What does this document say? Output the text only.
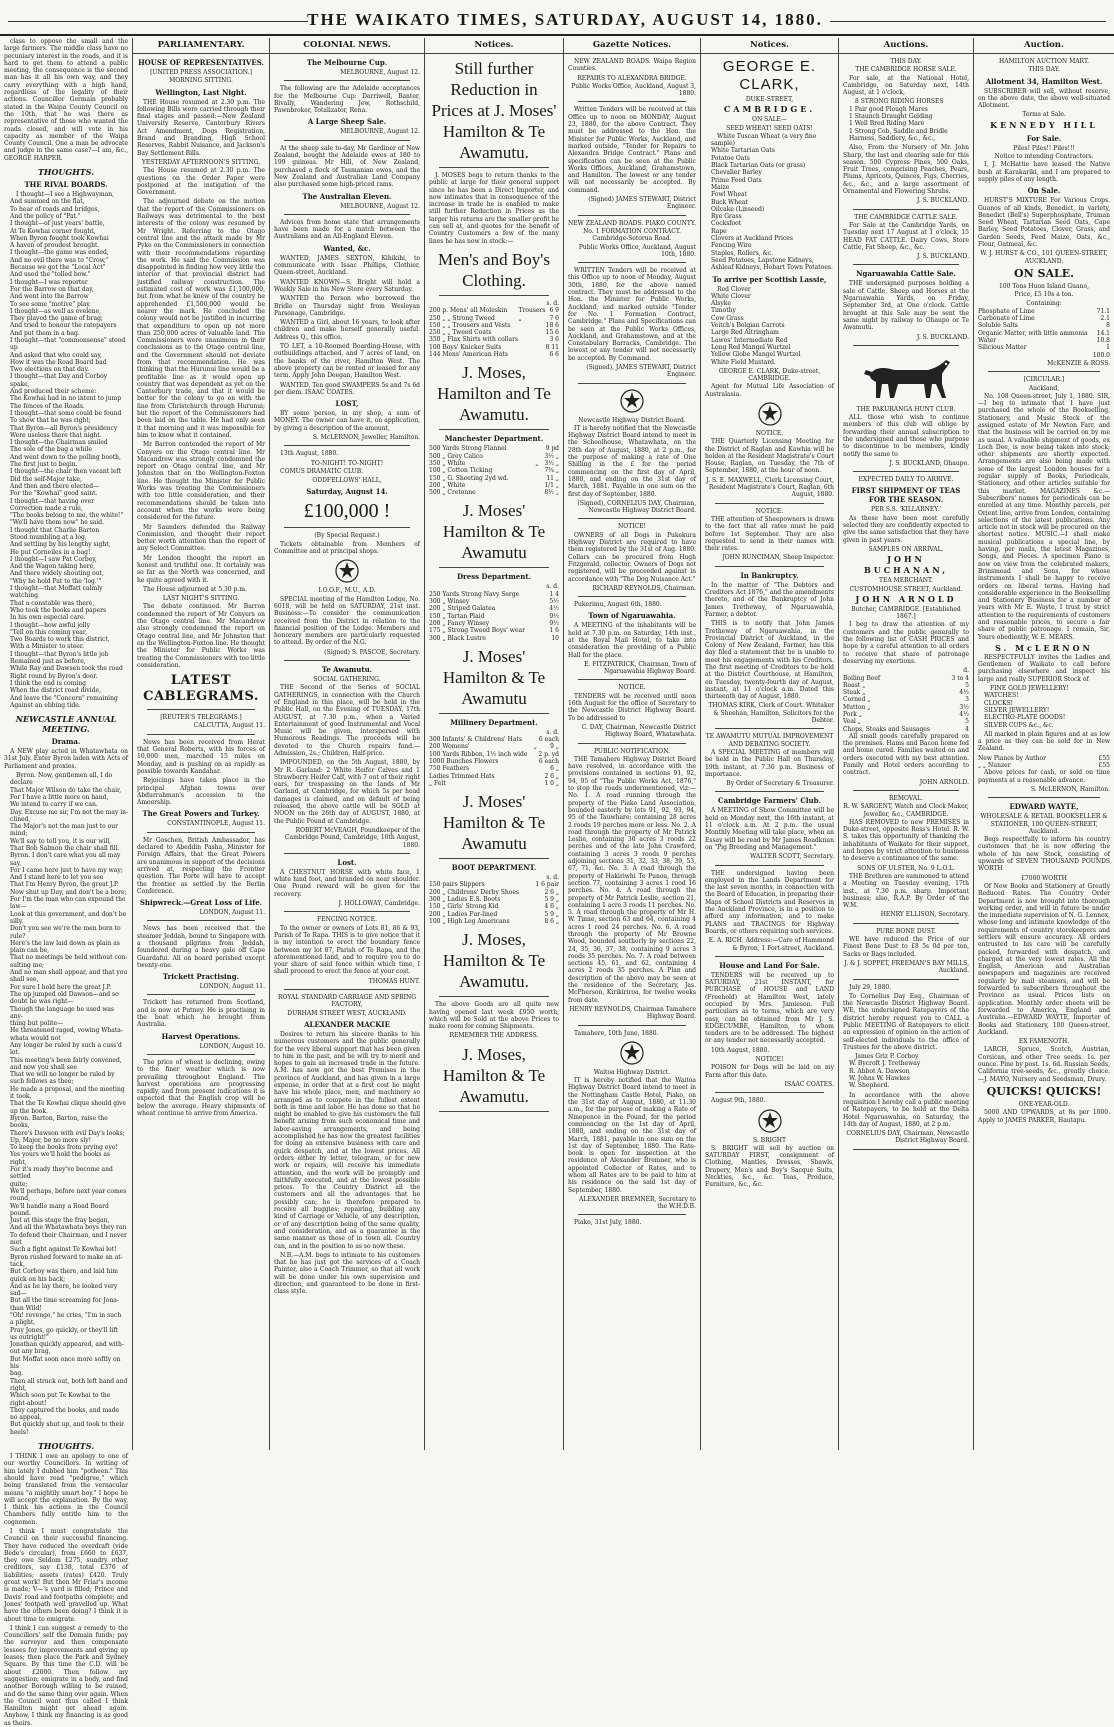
THE WAIKATO TIMES, SATURDAY, AUGUST 14, 1880.
class to oppose the small and the large farmers. The middle class have no pecuniary interest in the roads, and it is hard to get them to attend a public meeting, the consequence is the second man has it all his own way, and they carry everything with a high hand, regardless of the legality of their actions. Councillor Germain probably stated in the Waipa County Council on the 10th, that he was there as representative of those who wanted the roads closed, and will vote in his capacity as member of the Waipa County Council. One a man be advocate and judge in the same case?—I am, &c., GEORGE HARPER.
THOUGHTS.
THE RIVAL BOARDS.
I thought—I see a Highwayman,
And summed on the flat,
To hear of roads and bridges,
And the policy of "Pat."
I thought—of just years' battle,
At Te Kowhai corner fought,
When Byron fought took Kowhai
A haven of proudest brought.
I thought—the game was ended,
And no evil there was to "Crow,"
Because we got the "Local Act"
And used the "tolled bow."
I thought—I was reporter
For the Barrow on that day,
And went into the Barrow
To see some "motive" play.
I thought—as well as evelene,
They played the game of brag;
And tried to honour the ratepayers
And put them in a bag.
I thought—that "commonsense" stood up
And asked that who could say,
How it was the Road Board bad
Two elections on that day.
I thought—that Day and Corboy spake,
And produced their scheme:
The Kowhai had in no intent to jump
The fences of the Roads.
I thought—that some could be found
To show that he was right;
That Byron—all Byron's presidency
Were useless there that night.
I thought—the Chairman smiled
The sole of the bag a while
And went down to the polling booth,
The first just to begin.
I thought—the chair then vacant left
Did the self-Major take,
And then and there elected—
For the "Kowhai" good saint.
I thought—that having over
Correction made a rule,
"The books belong to me, the white!"
"We'll have them now" he said.
I thought that Charlie Barton
Stood mumbling at a log,
And settling by his lengthy sight,
He put Corneiles in a bag!
I thought—I saw Pat Corbey,
And the Wagon taking here,
And there widely shouting out,
"Why he hold Pat to the 'log.'"
I thought—that Moffatt calmly watching
That a constable was there,
Who took the books and papers
In his own especial care.
I thought—how awful jolly
"Tell on this coming year,
Two Boards to work this district,
With a Minister to steer.
I thought—that Byron's little job
Remained just as before,
While Ray and Dawsen took the road
Right round by Byron's door.
I think the end is coming
When the district road divide,
And leave the "Concern" remaining
Against an ebbing tide.
NEWCASTLE ANNUAL MEETING.
Drama.
A NEW play acted in Whatawhata on 31st July. Enter Byron laden with Acts of Parliament and proxies.
Byron. Now, gentlemen all, I do declare
That Major Wilson do take the chair,
For I have a little more on hand,
We intend to carry if we can.
Day. Excuse me sir, I'm not the may in-
clined,
The Major's not the man just to our
mind;
We'll say to tell you, it is our will,
That Bob Salmon the chair shall fill.
Byron. I don't care what you all may say,
For I came here just to have my way;
And I stand here to let you see
That I'm Henry Byron, the great J.P.
Now shut up Day, and don't be a bore;
For I'm the man who can expound the
law—
Look at this government, and don't be
silly.
Don't you see we're the men born to
rule?
Here's the law laid down as plain as
plain can be,
That no meetings be held without con-
sulting me;
And no man shall appear, and that you
shall see,
For sure I hold here the great J.P.
The up jumped old Dawson—and so
doubt he was right—
Though the language he used was any-
thing but polite—
He threatened raged, vowing Whata-
whata would not
Any longer be ruled by such a cuss'd
lot.
This meeting's been fairly convened,
and now you shall see
That we will no longer be ruled by
such fellows as thee;
He made a proposal, and the meeting
it took,
That the Te Kowhai clique should give
up the book.
Byron. Barton, Barton, raise the books,
There's Dawson with evil Day's looks;
Up, Major, be no more sly!
To keep the books from prying eye!
Yes yours we'll hold the books as
right,
For it's ready they've become and settled
quite;
We'll perhaps, before next year comes
round,
We'll handle many a Road Board
pound.
Just at this stage the fray began,
And all the Whatawhata boys they ran
To defend their Chairman, and I never
met
Such a fight against Te Kowhai lot!
Byron rushed forward to make an at-
tack,
But Corboy was there, and laid him
quick on his back;
And as he lay there, he looked very
sad—
But all the time screaming for Jona-
than Wild!
"Oh! revenge," he cries, "I'm in such
a plight,
Pray Jones, go quickly, or they'll lift
us outright!"
Jonathan quickly appeared, and with-
out any brag,
But Moffat soon once more softly on his
bag.
Then all struck out, both left hand and
right,
Which soon put Te Kowhai to the
right-about!
They captured the books, and made
no appeal,
But quickly shut up, and took to their
heels!
THOUGHTS.
I THINK I owe an apology to one of our worthy Councillors. In writing of him lately I dubbed him "potheen." This should have read "pedigree," which being translated from the vernacular means "a mightily smart boy." I hope he will accept the explanation. By the way, I think his actions in the Council Chambers fully entitle him to the cognomen.
I think I must congratulate the Council on their successful financing. They have reduced the overdraft (vide Bede's circular), from £660 to £637, they owe Seldom £275, sundry other creditors, say £138, total £376 of liabilities; assets (rates) £420. Truly great work! But then Mr Friar's income is made; V—'s yard is filled; Prince and Davis' road and footpaths complete; and Jones' footpath well gravelled up. What have the others been doing? I think it is about time to emigrate.
I think I can suggest a remedy to the Councillors' self the Domain funds; pay the surveyor and then compensate lessees for improvements and giving up leases; then place the Park and Sydney Square. By this time the C.D. will be about £2000. Then follow my suggestion; emigrate in a body, and find another Borough willing to be ruined, and do the same thing over again. When the Council want thus called I think Hamilton might get ahead again. Anyhow, I think my financing is as good as theirs.
PARLIAMENTARY.
HOUSE OF REPRESENTATIVES.
[UNITED PRESS ASSOCIATION.]
MORNING SITTING.
Wellington, Last Night.
THE House resumed at 2.30 p.m. The following Bills were carried through their final stages and passed:—New Zealand University Reserve, Canterbury Rivers Act Amendment, Dogs Registration, Brand and Branding, High School Reserves, Rabbit Nuisance, and Jackson's Bay Settlement Bills.
YESTERDAY AFTERNOON'S SITTING.
The House resumed at 2.30 p.m. The questions on the Order Paper were postponed at the instigation of the Government.
The adjourned debate on the motion that the report of the Commissioners on Railways was detrimental to the best interests of the colony was resumed by Mr Wright. Referring to the Otago central line and the attack made by Mr Pyke on the Commissioners in connection with their recommendations regarding the work. He said the Commission was disappointed in finding how very little the interior of that provincial district had justified railway construction. The estimated cost of work was £1,100,000, but from what he knew of the country he apprehended £1,500,000 would be nearer the mark. He concluded the colony would not be justified in incurring that expenditure to open up not more than 250,000 acres of valuable land. The Commissioners were unanimous in their conclusions as to the Otago central line, and the Government should not deviate from that recommendation. He was thinking that the Hurunui line would be a profitable line as it would open up country that was dependent as yet on the Canterbury trade, and that it would be better for the colony to go on with the line from Christchurch through Hurunui; but the report of the Commissioners had been laid on the table. He had only seen it that morning and it was impossible for him to know what it contained.
Mr Barron contended the report of Mr Conyers on the Otago central line. Mr Macandrew was strongly condemned the report on Otago central line, and Mr Johnston that on the Wellington-Foxton line. He thought the Minister for Public Works was treating the Commissioners with too little consideration, and their recommendations should be taken into account when the works were being considered for the future.
Mr Saunders defended the Railway Commission, and thought their report better worth attention than the report of any Select Committee.
Mr London thought the report an honest and truthful one. It certainly was so far as the North was concerned, and he quite agreed with it.
The House adjourned at 5.30 p.m.
LAST NIGHT'S SITTING.
The debate continued. Mr Barron condemned the report of Mr Conyers on the Otago central line. Mr Macandrew also strongly condemned the report on Otago central line, and Mr Johnston that on the Wellington-Foxton line. He thought the Minister for Public Works was treating the Commissioners with too little consideration.
LATEST CABLEGRAMS.
[REUTER'S TELEGRAMS.]
CALCUTTA, August 11.
News has been received from Herat that General Roberts, with his forces of 10,000 men, marched 15 miles on Monday, and is pushing on as rapidly as possible towards Kandahar.
Rejoicings have taken place in the principal Afghan towns over Abdurrahman's accession to the Ameership.
The Great Powers and Turkey.
CONSTANTINOPLE, August 11.
Mr Goschen, British Ambassador, has declared to Abeddin Pasha, Minister for Foreign Affairs, that the Great Powers are unanimous in support of the decisions arrived at, respecting the Frontier question. The Porte will have to accept the frontier as settled by the Berlin Conference.
Shipwreck.—Great Loss of Life.
LONDON, August 11.
News has been received that the steamer Jeddah, bound to Singapore with a thousand pilgrims from Jeddah, foundered during a heavy gale off Cape Guardafui. All on board perished except twenty-one.
Trickett Practising.
LONDON, August 11.
Trickett has returned from Scotland, and is now at Putney. He is practising in the boat which he brought from Australia.
Harvest Operations.
LONDON, August 10.
The price of wheat is declining, owing to the finer weather which is now prevailing throughout England. The harvest operations are progressing rapidly, and from present indications it is expected that the English crop will be below the average. Heavy shipments of wheat continue to arrive from America.
COLONIAL NEWS.
The Melbourne Cup.
MELBOURNE, August 12.
The following are the Adelaide acceptances for the Melbourne Cup: Darriwell, Banter, Bivally, Wandering Jew, Rothschild, Pawnbroker, Totalizator, Rena.
A Large Sheep Sale.
MELBOURNE, August 12.
At the sheep sale to-day, Mr Gardiner of New Zealand, bought the Adelaide ewes at 180 to 199 guineas. Mr Hill, of New Zealand, purchased a flock of Tasmanian ewes, and the New Zealand and Australian Land Company also purchased some high-priced rams.
The Australian Eleven.
MELBOURNE, August 12.
Advices from home state that arrangements have been made for a match between the Australians and an All-England Eleven.
Wanted, &c.
WANTED, JAMES SEXTON, Kihikihi, to communicate with Isaac Phillips, Clothier, Queen-street, Auckland.
WANTED KNOWN—S. Bright will hold a Weekly Sale in his New Store every Saturday.
WANTED the Person who borrowed the Bridle on Thursday night from Wesleyan Parsonage, Cambridge.
WANTED a Girl, about 16 years, to look after children and make herself generally useful. Address Q., this office.
TO LET, a 10-Roomed Boarding-House, with outbuildings attached, and 7 acres of land, on the banks of the river, Hamilton West. The above property can be rented or leased for any term. Apply John Deegan, Hamilton West.
WANTED, Ten good SWAMPERS 5s and 7s 6d per diem. ISAAC COATES.
LOST,
BY some person, in my shop, a sum of MONEY. The owner can have it, on application, by giving a description of the amount,
S. McLERNON, Jeweller, Hamilton.
13th August, 1880.
TO-NIGHT! TO-NIGHT!
COMUS DRAMATIC CLUB.
ODDFELLOWS' HALL,
Saturday, August 14.
£100,000 !
(By Special Request.)
Tickets obtainable from Members of Committee and at principal shops.
I.O.O.F., M.U., A.D.
SPECIAL meeting of the Hamilton Lodge, No. 6018, will be held on SATURDAY, 21st inst. Business:—To consider the communication received from the District in relation to the financial position of the Lodge. Members and honorary members are particularly requested to attend. By order of the N.G.
(Signed) S. PASCOE, Secretary.
Te Awamutu.
SOCIAL GATHERING.
THE Second of the Series of SOCIAL GATHERINGS, in connection with the Church of England in this place, will be held in the Public Hall, on the Evening of TUESDAY, 17th AUGUST, at 7.30 p.m., when a Varied Entertainment of good Instrumental and Vocal Music will be given, interspersed with Humorous Readings. The proceeds will be devoted to the Church repairs fund.—Admission, 2s.; Children, Half-price.
IMPOUNDED, on the 5th August, 1880, by Mr R. Garland: 2 White Heifer Calves and 1 Strawberry Heifer Calf, with 7 out of their right ears, for trespassing on the lands of Mr Garland, at Cambridge, for which 5s per head damages is claimed, and on default of being released, the above cattle will be SOLD at NOON on the 26th day of AUGUST, 1880, at the Public Pound at Cambridge.
ROBERT McVEAGH, Poundkeeper of the Cambridge Pound, Cambridge, 10th August, 1880.
Lost.
A CHESTNUT HORSE with white face, 1 white hind foot, and branded on near shoulder. One Pound reward will be given for the recovery.
J. HOLLOWAY, Cambridge.
FENCING NOTICE.
To the owner or owners of Lots 81, 86 & 93, Parish of Te Rapa. THIS is to give notice that it is my intention to erect the boundary fence between my lot 87, Parish of Te Rapa, and the aforementioned land, and to require you to do your share of said fence within which time, I shall proceed to erect the fence at your cost.
THOMAS HUNT.
ROYAL STANDARD CARRIAGE AND SPRING FACTORY,
DURHAM STREET WEST, AUCKLAND.
ALEXANDER MACKIE
Desires to return his sincere thanks to his numerous customers and the public generally for the very liberal support that has been given to him in the past, and he will try to merit and hopes to gain an increased trade in the future. A.M. has now got the best Premises in the province of Auckland, and has given in a large expense, in order that at a first cost he might have his whole place, men, and machinery so arranged as to compete in the fullest extent both in time and labor. He has done so that he might be enabled to give his customers the full benefit arising from such economical time and labor-saving arrangements, and being accomplished he has now the greatest facilities for doing an extensive business with care and quick despatch, and at the lowest prices. All orders either by letter, telegram, or for new work or repairs, will receive his immediate attention, and the work will be promptly and faithfully executed, and at the lowest possible prices. To the Country District all the customers and all the advantages that he possibly can; he is therefore prepared to receive all buggies; repairing, building any kind of Carriage or Vehicle, of any description, or of any description being of the same quality, and consideration, and as a guarantee in the same manner as those of in town all. Country can, and in the position to as so now these.
N.B.—A.M. begs to intimate to his customers that he has just got the services of a Coach Painter, also a Coach Trimmer, so that all work will be done under his own supervision and direction, and guaranteed to be done in first-class style.
Notices.
Still further Reduction in Prices at J. Moses' Hamilton & Te Awamutu.
J. MOSES begs to return thanks to the public at large for their general support since he has been a Direct Importer, and now intimates that in consequence of the increase in trade he is enabled to make still further Reduction in Prices as the larger his returns are the smaller profit he can sell at, and quotes for the benefit of Country Customers a few of the many lines he has now in stock:—
Men's and Boy's Clothing.
		s. d.
200 p. Mens' all Moleskin	Trousers	6 9
250 „ „ Strong Tweed	„	7 6
150 „ „ Trousers and Vests		18 6
250 „ „ Tweed Coats		15 6
350 „ Flax Shirts with collars		3 6
100 Boys' Knicker Suits		8 11
144 Mens' American Hats		6 6
J. Moses, Hamilton and Te Awamutu.
Manchester Department.
500 Yards Strong Flannel		9 pd
500 „ Grey Calico		3½ „
350 „ White	„	3½ „
100 „ Cotton Ticking		7¾ „
150 „ G. Sheeting 2yd wd.		11 „
200 „ White		1/1 „
500 „ Cretonne		8½ „
J. Moses' Hamilton & Te Awamutu
Dress Department.
		s. d.
250 Yards Strong Navy Serge		1 4
300 „ Winsey		5½
200 „ Striped Galatea		4½
150 „ Tartan Plaid		9½
200 „ Fancy Winsey		9½
175 „ Strong Tweed Boys' wear		1 6
300 „ Black Lustre		10
J. Moses' Hamilton & Te Awamutu
Millinery Department.
		s. d.
300 Infants' & Childrens' Hats		6 each
200 Womens'	„	9 „
100 Yards Ribbon, 1½ inch wide		2 p. yd
1000 Bunches Flowers		6 each
750 Feathers		6 „
Ladies Trimmed Hats		2 6 „
„ Felt		1 0 „
J. Moses' Hamilton & Te Awamutu
BOOT DEPARTMENT.
		s. d.
150 pairs Slippers		1 6 pair
200 „ Childrens' Derby Shoes		2 6 „
300 „ Ladies E.S. Boots		5 9 „
150 „ Girls' Strong Kid		4 6 „
200 „ Ladies Fur-lined		5 9 „
100 „ High Leg Americans		8 6 „
J. Moses, Hamilton & Te Awamutu.
The above Goods are all quite new having opened last week £950 worth, which will be Sold at the above Prices to make room for coming Shipments.
REMEMBER THE ADDRESS.
J. Moses, Hamilton & Te Awamutu.
Gazette Notices.
NEW ZEALAND ROADS. Waipa Region Counties.
REPAIRS TO ALEXANDRA BRIDGE.
Public Works Office, Auckland, August 3, 1880.
Written Tenders will be received at this Office up to noon on MONDAY, August 23, 1880, for the above Contract. They must be addressed to the Hon. the Minister for Public Works, Auckland, and marked outside, "Tender for Repairs to Alexandra Bridge Contract." Plans and specification can be seen at the Public Works Offices, Auckland, Grahamstown, and Hamilton. The lowest or any tender will not necessarily be accepted. By command.
(Signed) JAMES STEWART, District Engineer.
NEW ZEALAND ROADS. PIAKO COUNTY.
No. 1 FORMATION CONTRACT. Cambridge-Sotorua Road.
Public Works Office, Auckland, August 10th, 1880.
WRITTEN Tenders will be received at this Office up to noon of Monday, August 30th, 1880, for the above named contract. They must be addressed to the Hon. the Minister for Public Works, Auckland, and marked outside "Tender for No. 1 Formation Contract, Cambridge." Plans and Specifications can be seen at the Public Works Offices, Auckland, and Grahamstown, and at the Constabulary Barracks, Cambridge. The lowest or any tender will not necessarily be accepted. By Command.
(Signed), JAMES STEWART, District Engineer.
Newcastle Highway District Board.
IT is hereby notified that the Newcastle Highway District Board intend to meet in the Schoolhouse, Whatawhata, on the 28th day of August, 1880, at 2 p.m., for the purpose of making a rate of One Shilling in the £ for the period commencing on the first day of April, 1880, and ending on the 31st day of March, 1881. Payable in one sum on the first day of September, 1880.
(Signed), CORNELIUS DAY, Chairman, Newcastle Highway District Board.
NOTICE!
OWNERS of all Dogs in Pukekura Highway District are required to have them registered by the 31st of Aug. 1880. Collars can be procured from Hugh Fitzgerald, collector. Owners of Dogs not registered, will be proceeded against in accordance with "The Dog Nuisance Act."
RICHARD REYNOLDS, Chairman.
Pukerimu, August 6th, 1880.
Town of Ngaruawahia.
A MEETING of the inhabitants will be held at 7.30 p.m. on Saturday, 14th inst., at the Royal Mail Hotel, to take into consideration the providing of a Public Hall for the place.
E. FITZPATRICK, Chairman, Town of Ngaruawahia Highway Board.
NOTICE.
TENDERS will be received until noon 16th August for the office of Secretary to the Newcastle District Highway Board. To be addressed to
C. DAY, Chairman, Newcastle District Highway Board, Whatawhata.
PUBLIC NOTIFICATION.
THE Tamahere Highway District Board have resolved, in accordance with the provisions contained in sections 91, 92, 94, 95 of "The Public Works Act, 1876," to stop the roads undermentioned, viz:—No. 1. A road running through the property of the Piako Land Association, bounded easterly by lots 91, 92, 93, 94, 95 of the Tauwhare; containing 28 acres 2 roods 19 perches more or less. No. 2. A road through the property of Mr Patrick Leslie, containing 30 acres 3 roods 22 perches and of the late John Crawford, containing 3 acres 3 roods 9 perches adjoining sections 31, 32, 33, 38, 39, 53, 67, 71, &c. No. 3. A road through the property of Hakiriwhi Te Punoa, through section 77, containing 3 acres 1 rood 16 perches. No. 4. A road through the property of Mr Patrick Leslie, section 21, containing 1 acre 3 roods 11 perches. No. 5. A road through the property of Mr H. W. Tinne, section 63 and 64, containing 4 acres 1 rood 24 perches. No. 6. A road through the property of Mr Browne Wood, bounded southerly by sections 22, 24, 35, 36, 37, 38, containing 9 acres 3 roods 35 perches. No. 7. A road between sections 45, 61, and 62, containing 4 acres 2 roods 35 perches. A Plan and description of the above may be seen at the residence of the Secretary, Jas. McPherson, Kirikiriroa, for twelve weeks from date.
HENRY REYNOLDS, Chairman Tamahere Highway Board.
Tamahere, 10th June, 1880.
Waitoa Highway District.
IT is hereby notified that the Waitoa Highway District Board intend to meet in the Nottingham Castle Hotel, Piako, on the 31st day of August, 1880, at 11.30 a.m., for the purpose of making a Rate of Ninepence in the Pound, for the period commencing on the 1st day of April, 1880, and ending on the 31st day of March, 1881, payable in one sum on the 1st day of September, 1880. The Rate-book is open for inspection at the residence of Alexander Bremner, who is appointed Collector of Rates, and to whom all Rates are to be paid to him at his residence on the said 1st day of September, 1880.
ALEXANDER BREMNER, Secretary to the W.H.D.B.
Piako, 31st July, 1880.
Notices.
GEORGE E. CLARK,
DUKE-STREET,
CAMBRIDGE.
ON SALE—
SEED WHEAT! SEED OATS!
White Tuscan Wheat (a very fine sample)
White Tartarian Oats
Potatoe Oats
Black Tartarian Oats (or grass)
Chevalier Barley
Prime Feed Oats
Maize
Fowl Wheat
Buck Wheat
Oilcake (Linseed)
Rye Grass
Cocksfoot
Rape
Clovers at Auckland Prices
Fencing Wire
Staples, Rollers, &c.
Seed Potatoes, Lapstone Kidneys, Ashleaf Kidneys, Hobart Town Potatoes.
To arrive per Scottish Lassie,
Red Clover
White Clover
Alsyke
Timothy
Cow Grass
Veitch's Belgian Carrots
Large Red Altringham
Lawes' Intermediate Red
Long Red Mangel Wurtzel
Yellow Globe Mangel Wurtzel
White Field Mustard.
GEORGE E. CLARK, Duke-street, CAMBRIDGE.
Agent for Mutual Life Association of Australasia.
NOTICE.
THE Quarterly Licensing Meeting for the District of Raglan and Kawhia will be holden at the Resident Magistrate's Court House, Raglan, on Tuesday, the 7th of September, 1880, at the hour of noon.
J. S. E. MAXWELL, Clerk Licensing Court, Resident Magistrate's Court, Raglan, 6th August, 1880.
NOTICE.
THE attention of Sheepowners is drawn to the fact that all rates must be paid before 1st September. They are also requested to send in their names with their rates.
JOHN RUNCIMAN, Sheep Inspector.
In Bankruptcy.
In the matter of "The Debtors and Creditors Act 1876," and the amendments thereto, and of the Bankruptcy of John James Tretheway, of Ngaruawahia, Farmer, a debtor.
THIS is to notify that John James Tretheway of Ngaruawahia, in the Provincial District of Auckland, in the Colony of New Zealand, Farmer, has this day filed a statement that he is unable to meet his engagements with his Creditors. The first meeting of Creditors to be held at the District Courthouse, at Hamilton, on Tuesday, twenty-fourth day of August, instant, at 11 o'clock a.m. Dated this thirteenth day of August, 1880.
THOMAS KIRK, Clerk of Court. Whitaker & Sheehan, Hamilton, Solicitors for the Debtor.
TE AWAMUTU MUTUAL IMPROVEMENT AND DEBATING SOCIETY.
A SPECIAL MEETING of members will be held in the Public Hall on Thursday, 19th instant, at 7.30 p.m. Business of importance.
By Order of Secretary & Treasurer.
Cambridge Farmers' Club.
A MEETING of Show Committee will be held on Monday next, the 16th instant, at 11 o'clock a.m. At 2 p.m. the usual Monthly Meeting will take place, when an Essay will be read by Mr James Roadknun on "Pig Breeding and Management."
WALTER SCOTT, Secretary.
THE undersigned having been employed in the Lands Department for the last seven months, in connection with the Board of Education, in preparing their Maps of School Districts and Reserves in the Auckland Province, is in a position to afford any information, and to make PLANS and TRACINGS for Highway Boards, or others requiring such services.
E. A. RICH. Address:—Care of Hammond & Byron, 1 Fort-street, Auckland.
House and Land For Sale.
TENDERS will be received up to SATURDAY, 21st INSTANT, for PURCHASE of HOUSE and LAND (Freehold) at Hamilton West, lately occupied by Mrs. Jamieson. Full particulars as to terms, which are very easy, can be obtained from Mr J. S. EDGECUMBE, Hamilton, to whom tenders are to be addressed. The highest or any tender not necessarily accepted.
10th August, 1880.
NOTICE!
POISON for Dogs will be laid on my Farm after this date.
ISAAC COATES.
August 9th, 1880.
S. BRIGHT
S. BRIGHT will sell by auction on SATURDAY FIRST, consignment of Clothing, Mantles, Dresses, Shawls, Drapery, Men's and Boy's Sacque Suits, Neckties, &c., &c. Teas, Produce, Furniture, &c., &c.
Auctions.
THIS DAY.
THE CAMBRIDGE HORSE SALE.
For sale, at the National Hotel, Cambridge, on Saturday next, 14th August, at 1 o'clock,
8 STRONG RIDING HORSES
1 Pair good Plough Mares
1 Staunch Draught Gelding
1 Well Bred Riding Mare
1 Strong Cob, Saddle and Bridle
Harness, Saddlery, &c., &c.,
Also, From the Nursery of Mr. John Sharp, the last and clearing sale for this season. 500 Cypress Pines, 500 Oaks, Fruit Trees, comprising Peaches, Pears, Plums, Apricots, Quinces, Figs, Cherries, &c., &c., and a large assortment of Ornamental and Flowering Shrubs.
J. S. BUCKLAND.
THE CAMBRIDGE CATTLE SALE.
For Sale at the Cambridge Yards, on Tuesday next 17 August at 1 o'clock, 15 HEAD FAT CATTLE. Dairy Cows, Store Cattle, Fat Sheep, &c., &c.
J. S. BUCKLAND.
Ngaruawahia Cattle Sale.
THE undersigned purposes holding a sale of Cattle, Sheep and Horses at the Ngaruawahia Yards, on Friday, September 3rd, at One o'clock. Cattle brought at this Sale may be sent the same night by railway to Ohaupo or Te Awamutu.
J. S. BUCKLAND.
THE PAKURANGA HUNT CLUB.
ALL those who wish to continue members of this club will oblige by forwarding their annual subscription to the undersigned and those who purpose to discontinue to be members, kindly notify the same to
J. S. BUCKLAND, Ohaupo.
EXPECTED DAILY TO ARRIVE.
FIRST SHIPMENT OF TEAS FOR THE SEASON.
PER S.S. 'KILLARNEY.'
As these have been most carefully selected they are confidently expected to give the same satisfaction that they have given in past years.
SAMPLES ON ARRIVAL.
JOHN BUCHANAN,
TEA MERCHANT.
CUSTOMHOUSE STREET, Auckland.
JOHN ARNOLD
Butcher, CAMBRIDGE. [Established 1867.]
I beg to draw the attention of my customers and the public generally to the following list of CASH PRICES and hope by a careful attention to all orders to receive that share of patronage deserving my exertions.
		d.
Boiling Beef		3 to 4
Roast „		5
Steak „		4½
Corned „		3
Mutton „		3½
Pork „		4½
Veal „		5
Chops, Steaks and Sausages		4
All small goods carefully prepared on the premises. Hams and Bacon home fed and home cured. Families waited on and orders executed with my best attention. Family and Hotel orders according to contract.
JOHN ARNOLD.
REMOVAL.
R. W. SARGENT, Watch and Clock Maker, Jeweller, &c., CAMBRIDGE.
HAS REMOVED to new PREMISES in Duke-street, opposite Ross's Hotel. R. W. S. takes this opportunity of thanking the inhabitants of Waikato for their support, and hopes by strict attention to business to deserve a continuance of the same.
SONS OF ULSTER, No. 9 L.O.L.
THE Brethren are summoned to attend a Meeting on Tuesday evening, 17th inst., at 7.30 p.m. sharp. Important business; also, R.A.P. By Order of the W.M.
HENRY ELLISON, Secretary.
PURE BONE DUST.
WE have reduced the Price of our Finest Bone Dust to £8 5s 0d per ton, Sacks or Bags included.
J. & J. SOPPET, FREEMAN'S BAY MILLS, Auckland.
July 29, 1880.
To Cornelius Day Esq., Chairman of the Newcastle District Highway Board. WE, the undersigned Ratepayers of the district hereby request you to CALL a Public MEETING of Ratepayers to elicit an expression of opinion on the action of self-elected individuals to the office of Trustees for the above district.
James Griz P. Corboy
W. Bycroft J. Tretheway
R. Abbot A. Dawson
W. Johns W. Hawkes
W. Shepherd.
In accordance with the above requisition I hereby call a public meeting of Ratepayers, to be held at the Delta Hotel Ngaruawahia, on Saturday, the 14th day of August, 1880, at 2 p.m.
CORNELIUS DAY, Chairman, Newcastle District Highway Board.
Auction.
HAMILTON AUCTION MART.
THIS DAY.
Allotment 34, Hamilton West.
SUBSCRIBER will sell, without reserve, on the above date, the above well-situated Allotment.
Terms at Sale.
KENNEDY HILL
For Sale.
Piles! Piles!! Piles!!!
Notice to intending Contractors.
I, J. McHattie have leased the Native bush at Karakariki, and I am prepared to supply piles of any length.
On Sale.
HURST'S MIXTURE For Various Crops. Guanos of all kinds, Benedict, in variety, Benedict (Bell's) Superphosphate, Truman Seed Wheat, Tartarian Seed Oats, Cape Barley, Seed Potatoes, Clover, Grass, and Garden Seeds, Feed Maize, Oats, &c., Flour, Oatmeal, &c.
W. J. HURST & CO., 101 QUEEN-STREET, AUCKLAND.
ON SALE.
100 Tons Huon Island Guano,
Price, £5 10s a ton.
Containing:
Phosphate of Lime		71.1
Carbonate of Lime		2.1
Soluble Salts		8
Organic Matter, with little ammonia		14.1
Water		10.8
Silicious Matter		1
		100.0
McKENZIE & ROSS.
[CIRCULAR.]
Auckland,
No. 108 Queen-street, July 1, 1880. SIR,—I beg to intimate that I have just purchased the whole of the Bookselling, Stationery, and Music Stock of the assigned estate of Mr Newton Farr, and that the business will be carried on by me as usual. A valuable shipment of goods, ex Loch Dee, is now being taken into stock; other shipments are shortly expected. Arrangements are also being made with some of the largest London houses for a regular supply of Books, Periodicals, Stationery, and other articles suitable for this market. MAGAZINES &c.—Subscribers' names for periodicals can be enrolled at any time. Monthly parcels, per Orient line, arrive from London, containing selections of the latest publications. Any article not in stock will be procured on the shortest notice. MUSIC.—I shall make musical publications a special line, by having, per mails, the latest Magazines, Songs, and Pieces. A specimen Piano is now on view from the celebrated makers, Brinsmead and Sons, for whose instruments I shall be happy to receive orders on liberal terms. Having had considerable experience in the Bookselling and Stationery Business for a number of years with Mr E. Wayte, I trust by strict attention to the requirements of customers and reasonable prices, to secure a fair share of public patronage. I remain, Sir, Yours obediently, W. E. MEARS.
S. McLERNON
RESPECTFULLY invites the Ladies and Gentlemen of Waikato to call before purchasing elsewhere and inspect his large and really SUPERIOR Stock of
FINE GOLD JEWELLERY!
WATCHES!
CLOCKS!
SILVER JEWELLERY!
ELECTRO-PLATE GOODS!
SILVER CUPS &c., &c.
All marked in plain figures and at as low a price as they can be sold for in New Zealand.
New Pianos by Author		£55
„ „ Nunzer		£55
Above prices for cash, or sold on time payments at a reasonable advance.
S. McLERNON, Hamilton.
EDWARD WAYTE,
WHOLESALE & RETAIL BOOKSELLER & STATIONER, 100 QUEEN-STREET, Auckland.
Begs respectfully to inform his country customers that he is now offering the whole of his new Stock, consisting of upwards of SEVEN THOUSAND POUNDS WORTH
£7000 WORTH
Of New Books and Stationery at Greatly Reduced Rates. The Country Order Department is now brought into thorough working order, and will in future be under the immediate supervision of N. G. Lennox, whose long and intimate knowledge of the requirements of country storekeepers and settlers will ensure accuracy. All orders entrusted to his care will be carefully packed, forwarded with despatch, and charged at the very lowest rates. All the English, American and Australian newspapers and magazines are received regularly by mail steamers, and will be forwarded to subscribers throughout the Province as usual. Prices lists on application. Monthly order sheets will be forwarded to America, England and Australia.—EDWARD WAYTE, Importer of Books and Stationery, 100 Queen-street, Auckland.
EX FAMENOTH.
LARCH, Spruce, Scotch, Austrian, Corsican, and other Tree seeds. 1s. per ounce. Pine by post. 1s. 6d. Russian Seeds, California tree-seeds, &c., greatly choice.—J. MAYO, Nursery and Seedsman, Drury.
QUICKS! QUICKS!
ONE-YEAR-OLD.
5000 AND UPWARDS, at 8s per 1000. Apply to JAMES PARKER, Hautapu.
